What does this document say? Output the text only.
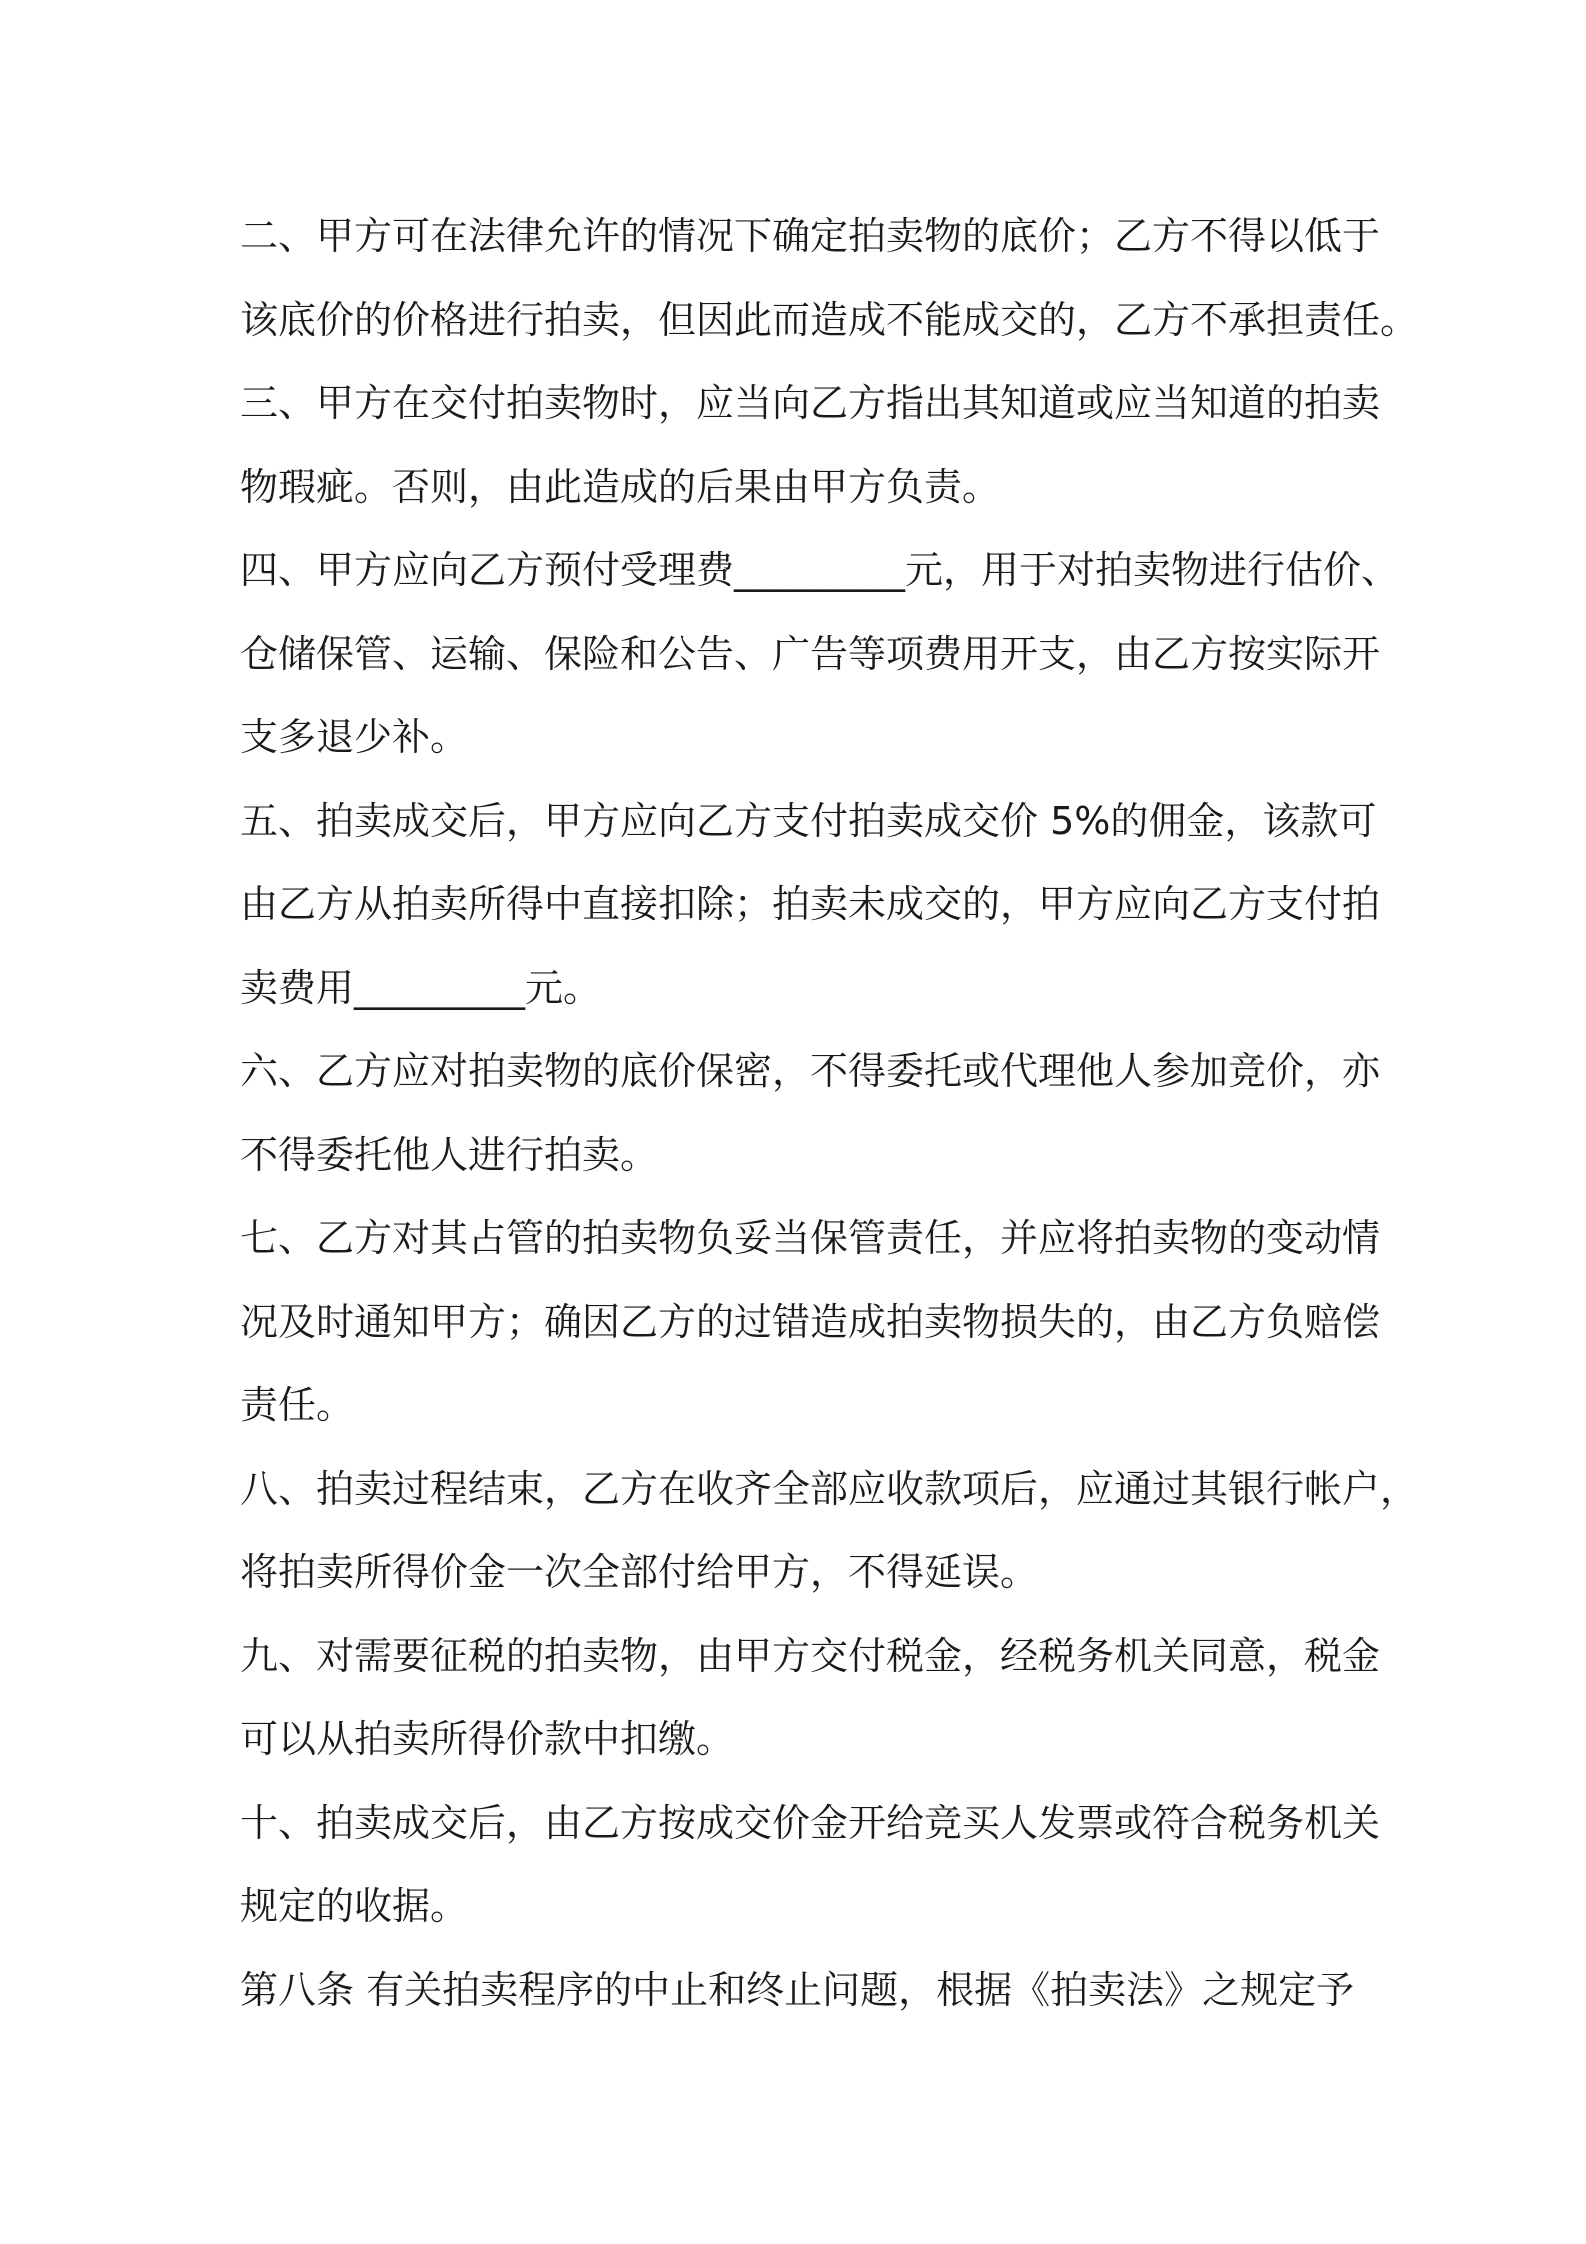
二、甲方可在法律允许的情况下确定拍卖物的底价；乙方不得以低于
该底价的价格进行拍卖，但因此而造成不能成交的，乙方不承担责任。
三、甲方在交付拍卖物时，应当向乙方指出其知道或应当知道的拍卖
物瑕疵。否则，由此造成的后果由甲方负责。
四、甲方应向乙方预付受理费_________元，用于对拍卖物进行估价、
仓储保管、运输、保险和公告、广告等项费用开支，由乙方按实际开
支多退少补。
五、拍卖成交后，甲方应向乙方支付拍卖成交价 5%的佣金，该款可
由乙方从拍卖所得中直接扣除；拍卖未成交的，甲方应向乙方支付拍
卖费用_________元。
六、乙方应对拍卖物的底价保密，不得委托或代理他人参加竞价，亦
不得委托他人进行拍卖。
七、乙方对其占管的拍卖物负妥当保管责任，并应将拍卖物的变动情
况及时通知甲方；确因乙方的过错造成拍卖物损失的，由乙方负赔偿
责任。
八、拍卖过程结束，乙方在收齐全部应收款项后，应通过其银行帐户，
将拍卖所得价金一次全部付给甲方，不得延误。
九、对需要征税的拍卖物，由甲方交付税金，经税务机关同意，税金
可以从拍卖所得价款中扣缴。
十、拍卖成交后，由乙方按成交价金开给竞买人发票或符合税务机关
规定的收据。
第八条 有关拍卖程序的中止和终止问题，根据《拍卖法》之规定予
